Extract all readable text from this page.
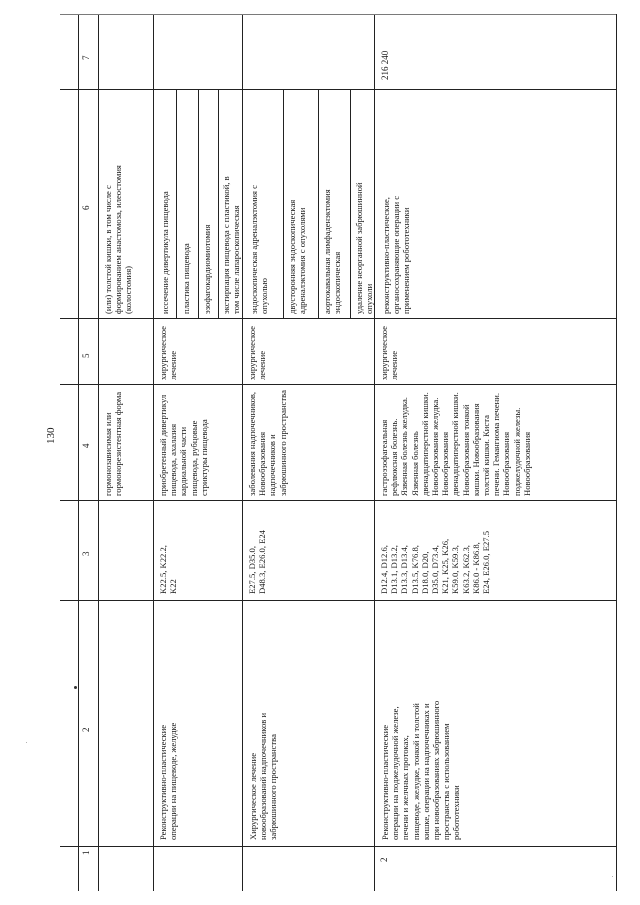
130
1
2
3
4
5
6
7
гормонозависимая или
гормонорезистентная форма
(или) толстой кишки, в том числе с
формированием анастомоза, илеостомия
(колостомия)
Реконструктивно-пластические
операции на пищеводе, желудке
K22.5, K22.2,
K22
приобретенный дивертикул
пищевода, ахалазия
кардиальной части
пищевода, рубцовые
стриктуры пищевода
хирургическое
лечение
иссечение дивертикула пищевода пластика пищевода эзофагокардиомиотомия экстирпация пищевода с пластикой, в
том числе лапароскопическая
Хирургическое лечение
новообразований надпочечников и
забрюшинного пространства
E27.5, D35.0,
D48.3, E26.0, E24
заболевания надпочечников,
Новообразования
надпочечников и
забрюшинного пространства
хирургическое
лечение
эндоскопическая адреналэктомия с
опухолью двусторонняя эндоскопическая
адреналэктомия с опухолями
аортокавальная лимфаденэктомия
эндоскопическая удаление неорганной забрюшинной
опухоли
2
Реконструктивно-пластические
операции на поджелудочной железе,
печени и желчных протоках,
пищеводе, желудке, тонкой и толстой
кишке, операции на надпочечниках и
при новообразованиях забрюшинного
пространства с использованием
робототехники
D12.4, D12.6,
D13.1, D13.2,
D13.3, D13.4,
D13.5, K76.8,
D18.0, D20,
D35.0, D73.4,
K21, K25, K26,
K59.0, K59.3,
K63.2, K62.3,
K86.0 - K86.8,
E24, E26.0, E27.5
гастроэзофагеальная
рефлюксная болезнь.
Язвенная болезнь желудка.
Язвенная болезнь
двенадцатиперстной кишки.
Новообразования желудка.
Новообразования
двенадцатиперстной кишки.
Новообразования тонкой
кишки. Новообразования
толстой кишки. Киста
печени. Гемангиома печени.
Новообразования
поджелудочной железы.
Новообразования
хирургическое
лечение
реконструктивно-пластические,
органосохраняющие операции с
применением робототехники
216 240
